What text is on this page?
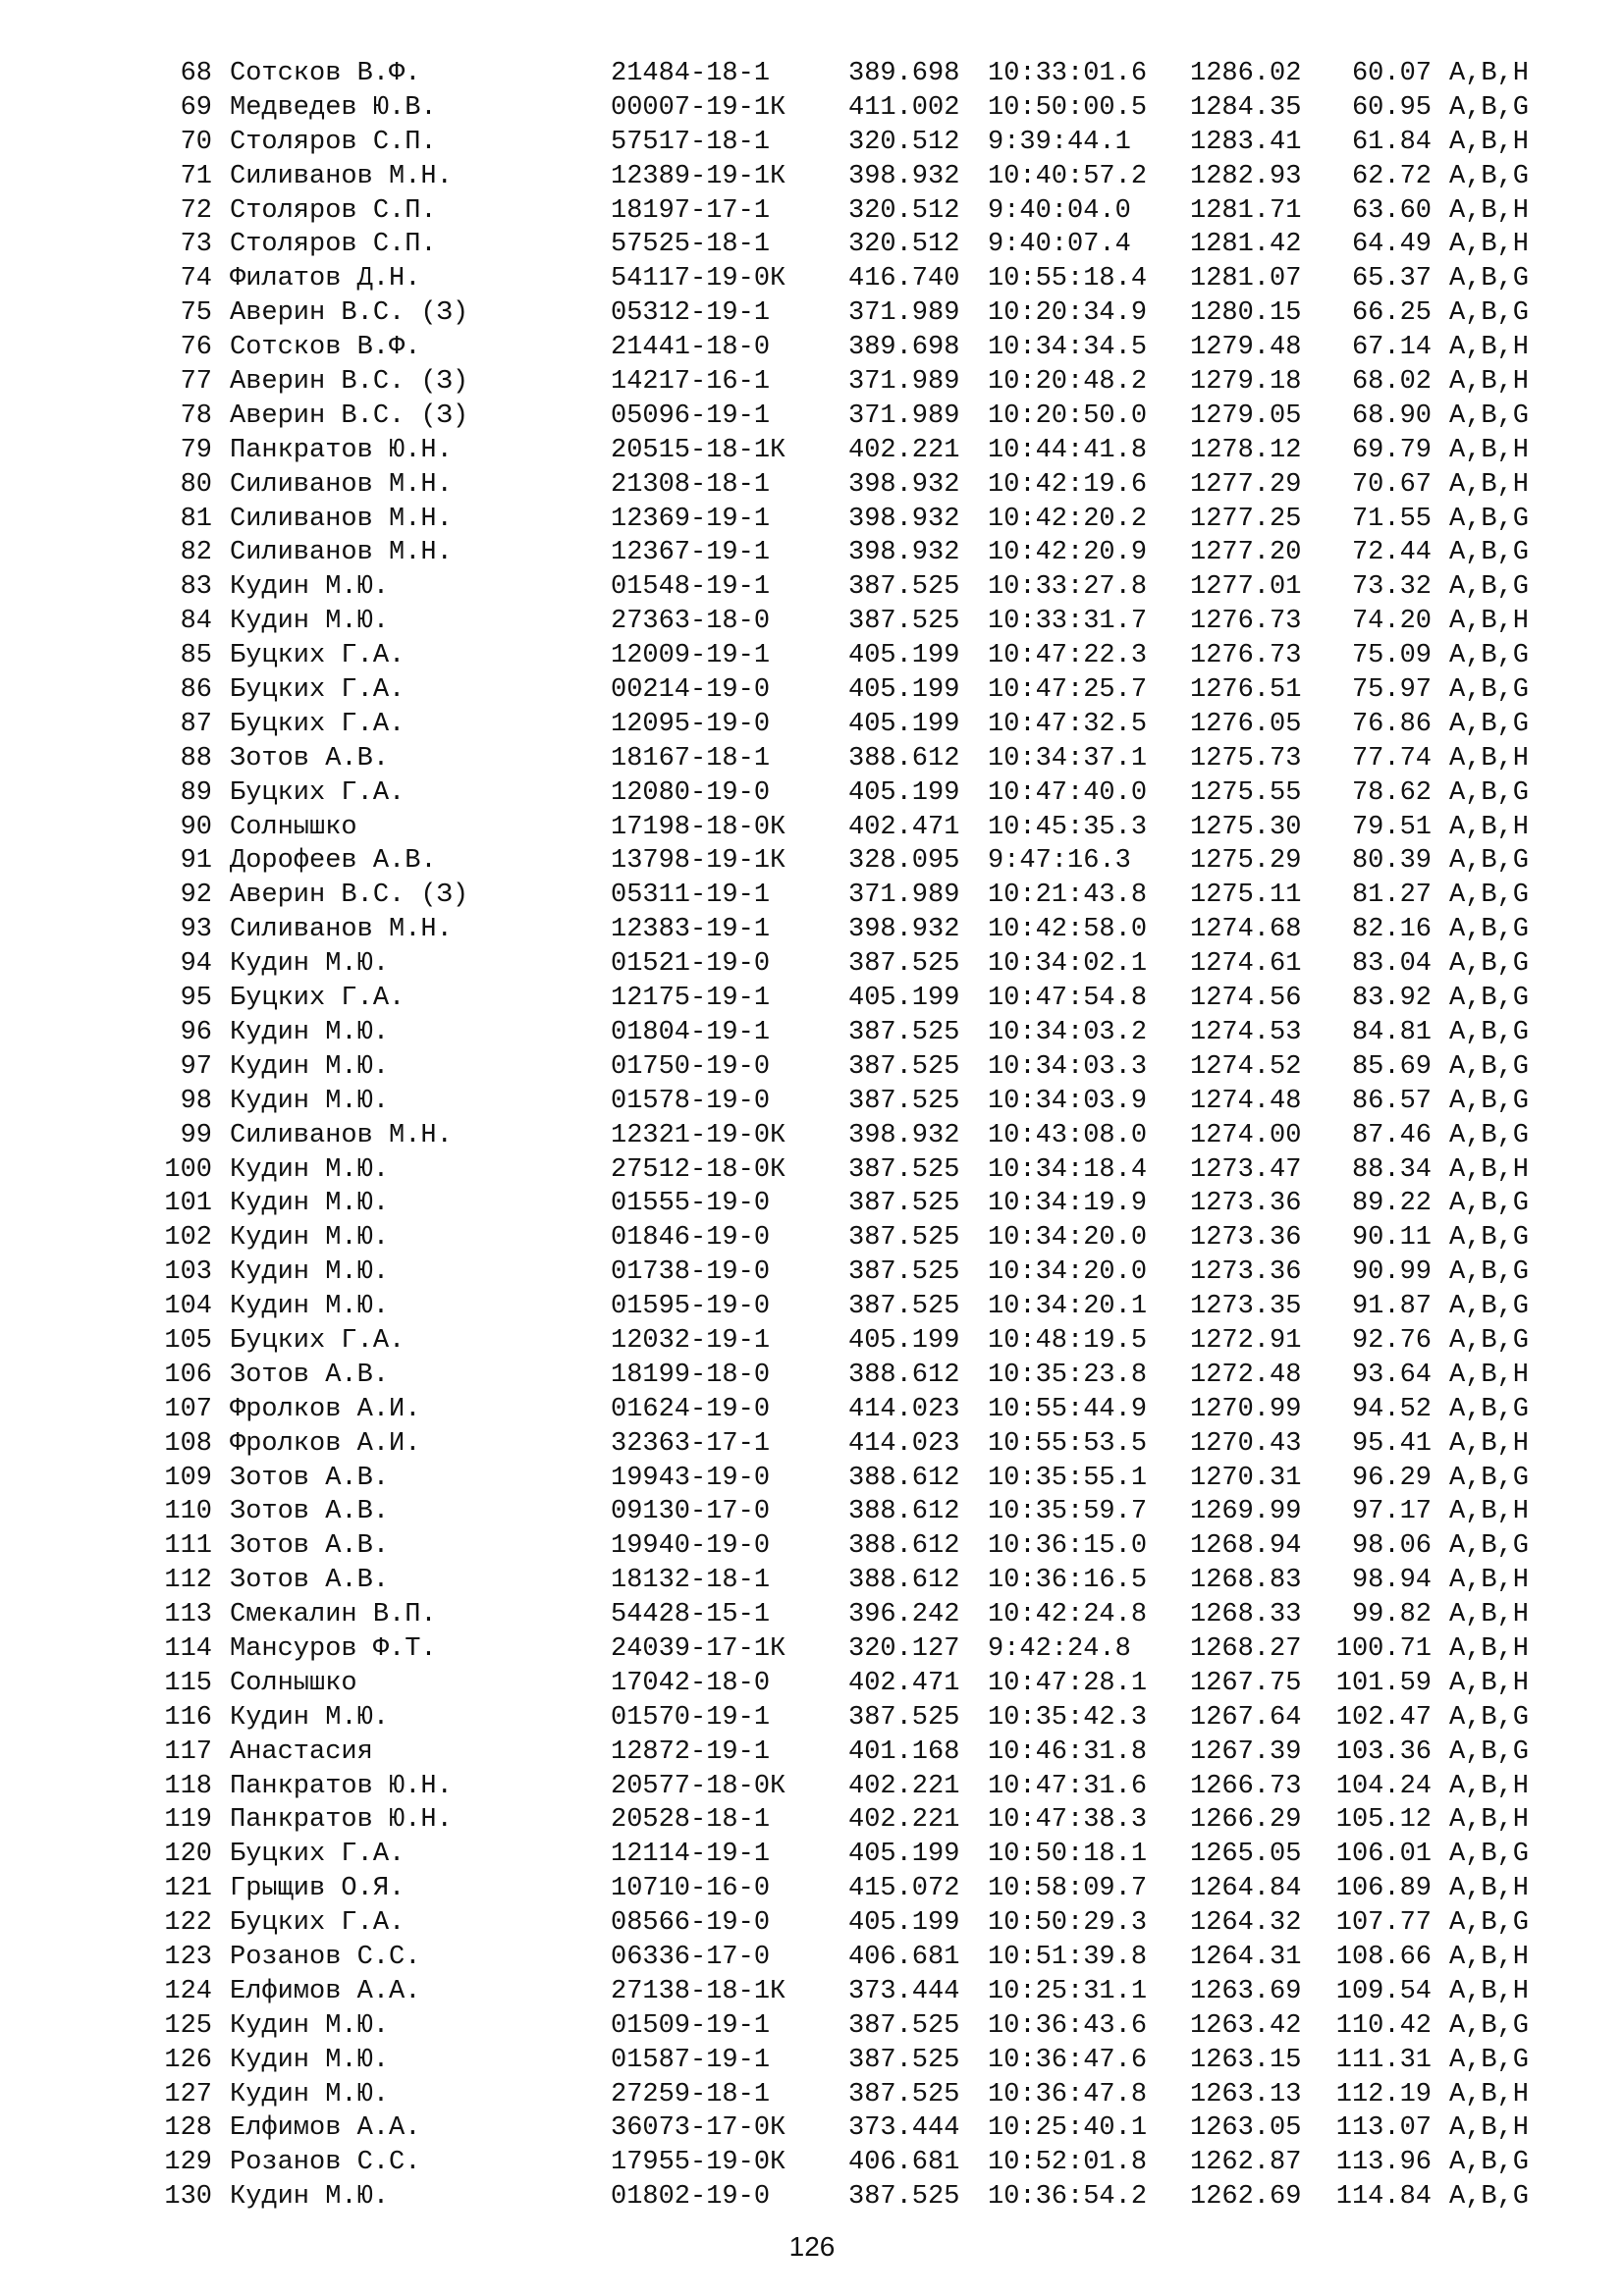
68 Сотсков В.Ф.	21484-18-1	389.698 10:33:01.6 1286.02	60.07 A,B,H
69 Медведев Ю.В.	00007-19-1К 411.002 10:50:00.5 1284.35	60.95 A,B,G
70 Столяров С.П.	57517-18-1	320.512 9:39:44.1 1283.41	61.84 A,B,H
71 Силиванов М.Н.	12389-19-1К 398.932 10:40:57.2 1282.93	62.72 A,B,G
72 Столяров С.П.	18197-17-1	320.512 9:40:04.0 1281.71	63.60 A,B,H
73 Столяров С.П.	57525-18-1	320.512 9:40:07.4 1281.42	64.49 A,B,H
74 Филатов Д.Н.	54117-19-0К 416.740 10:55:18.4 1281.07	65.37 A,B,G
75 Аверин В.С. (З)	05312-19-1	371.989 10:20:34.9 1280.15	66.25 A,B,G
76 Сотсков В.Ф.	21441-18-0	389.698 10:34:34.5 1279.48	67.14 A,B,H
77 Аверин В.С. (З)	14217-16-1	371.989 10:20:48.2 1279.18	68.02 A,B,H
78 Аверин В.С. (З)	05096-19-1	371.989 10:20:50.0 1279.05	68.90 A,B,G
79 Панкратов Ю.Н.	20515-18-1К 402.221 10:44:41.8 1278.12	69.79 A,B,H
80 Силиванов М.Н.	21308-18-1	398.932 10:42:19.6 1277.29	70.67 A,B,H
81 Силиванов М.Н.	12369-19-1	398.932 10:42:20.2 1277.25	71.55 A,B,G
82 Силиванов М.Н.	12367-19-1	398.932 10:42:20.9 1277.20	72.44 A,B,G
83 Кудин М.Ю.	01548-19-1	387.525 10:33:27.8 1277.01	73.32 A,B,G
84 Кудин М.Ю.	27363-18-0	387.525 10:33:31.7 1276.73	74.20 A,B,H
85 Буцких Г.А.	12009-19-1	405.199 10:47:22.3 1276.73	75.09 A,B,G
86 Буцких Г.А.	00214-19-0	405.199 10:47:25.7 1276.51	75.97 A,B,G
87 Буцких Г.А.	12095-19-0	405.199 10:47:32.5 1276.05	76.86 A,B,G
88 Зотов А.В.	18167-18-1	388.612 10:34:37.1 1275.73	77.74 A,B,H
89 Буцких Г.А.	12080-19-0	405.199 10:47:40.0 1275.55	78.62 A,B,G
90 Солнышко	17198-18-0К 402.471 10:45:35.3 1275.30	79.51 A,B,H
91 Дорофеев А.В.	13798-19-1К 328.095 9:47:16.3 1275.29	80.39 A,B,G
92 Аверин В.С. (З)	05311-19-1	371.989 10:21:43.8 1275.11	81.27 A,B,G
93 Силиванов М.Н.	12383-19-1	398.932 10:42:58.0 1274.68	82.16 A,B,G
94 Кудин М.Ю.	01521-19-0	387.525 10:34:02.1 1274.61	83.04 A,B,G
95 Буцких Г.А.	12175-19-1	405.199 10:47:54.8 1274.56	83.92 A,B,G
96 Кудин М.Ю.	01804-19-1	387.525 10:34:03.2 1274.53	84.81 A,B,G
97 Кудин М.Ю.	01750-19-0	387.525 10:34:03.3 1274.52	85.69 A,B,G
98 Кудин М.Ю.	01578-19-0	387.525 10:34:03.9 1274.48	86.57 A,B,G
99 Силиванов М.Н.	12321-19-0К 398.932 10:43:08.0 1274.00	87.46 A,B,G
100 Кудин М.Ю.	27512-18-0К 387.525 10:34:18.4 1273.47	88.34 A,B,H
101 Кудин М.Ю.	01555-19-0	387.525 10:34:19.9 1273.36	89.22 A,B,G
102 Кудин М.Ю.	01846-19-0	387.525 10:34:20.0 1273.36	90.11 A,B,G
103 Кудин М.Ю.	01738-19-0	387.525 10:34:20.0 1273.36	90.99 A,B,G
104 Кудин М.Ю.	01595-19-0	387.525 10:34:20.1 1273.35	91.87 A,B,G
105 Буцких Г.А.	12032-19-1	405.199 10:48:19.5 1272.91	92.76 A,B,G
106 Зотов А.В.	18199-18-0	388.612 10:35:23.8 1272.48	93.64 A,B,H
107 Фролков А.И.	01624-19-0	414.023 10:55:44.9 1270.99	94.52 A,B,G
108 Фролков А.И.	32363-17-1	414.023 10:55:53.5 1270.43	95.41 A,B,H
109 Зотов А.В.	19943-19-0	388.612 10:35:55.1 1270.31	96.29 A,B,G
110 Зотов А.В.	09130-17-0	388.612 10:35:59.7 1269.99	97.17 A,B,H
111 Зотов А.В.	19940-19-0	388.612 10:36:15.0 1268.94	98.06 A,B,G
112 Зотов А.В.	18132-18-1	388.612 10:36:16.5 1268.83	98.94 A,B,H
113 Смекалин В.П.	54428-15-1	396.242 10:42:24.8 1268.33	99.82 A,B,H
114 Мансуров Ф.Т.	24039-17-1К 320.127 9:42:24.8 1268.27 100.71 A,B,H
115 Солнышко	17042-18-0	402.471 10:47:28.1 1267.75 101.59 A,B,H
116 Кудин М.Ю.	01570-19-1	387.525 10:35:42.3 1267.64 102.47 A,B,G
117 Анастасия	12872-19-1	401.168 10:46:31.8 1267.39 103.36 A,B,G
118 Панкратов Ю.Н.	20577-18-0К 402.221 10:47:31.6 1266.73 104.24 A,B,H
119 Панкратов Ю.Н.	20528-18-1	402.221 10:47:38.3 1266.29 105.12 A,B,H
120 Буцких Г.А.	12114-19-1	405.199 10:50:18.1 1265.05 106.01 A,B,G
121 Грыщив О.Я.	10710-16-0	415.072 10:58:09.7 1264.84 106.89 A,B,H
122 Буцких Г.А.	08566-19-0	405.199 10:50:29.3 1264.32 107.77 A,B,G
123 Розанов С.С.	06336-17-0	406.681 10:51:39.8 1264.31 108.66 A,B,H
124 Елфимов А.А.	27138-18-1К 373.444 10:25:31.1 1263.69 109.54 A,B,H
125 Кудин М.Ю.	01509-19-1	387.525 10:36:43.6 1263.42 110.42 A,B,G
126 Кудин М.Ю.	01587-19-1	387.525 10:36:47.6 1263.15 111.31 A,B,G
127 Кудин М.Ю.	27259-18-1	387.525 10:36:47.8 1263.13 112.19 A,B,H
128 Елфимов А.А.	36073-17-0К 373.444 10:25:40.1 1263.05 113.07 A,B,H
129 Розанов С.С.	17955-19-0К 406.681 10:52:01.8 1262.87 113.96 A,B,G
130 Кудин М.Ю.	01802-19-0	387.525 10:36:54.2 1262.69 114.84 A,B,G
126
